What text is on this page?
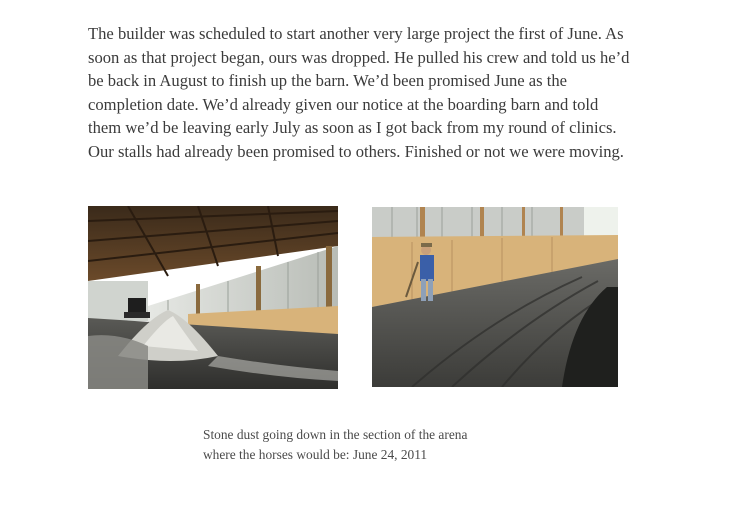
The builder was scheduled to start another very large project the first of June. As
soon as that project began, ours was dropped. He pulled his crew and told us he’d
be back in August to finish up the barn. We’d been promised June as the
completion date. We’d already given our notice at the boarding barn and told
them we’d be leaving early July as soon as I got back from my round of clinics.
Our stalls had already been promised to others. Finished or not we were moving.
Stone dust going down in the section of the arena
where the horses would be: June 24, 2011
